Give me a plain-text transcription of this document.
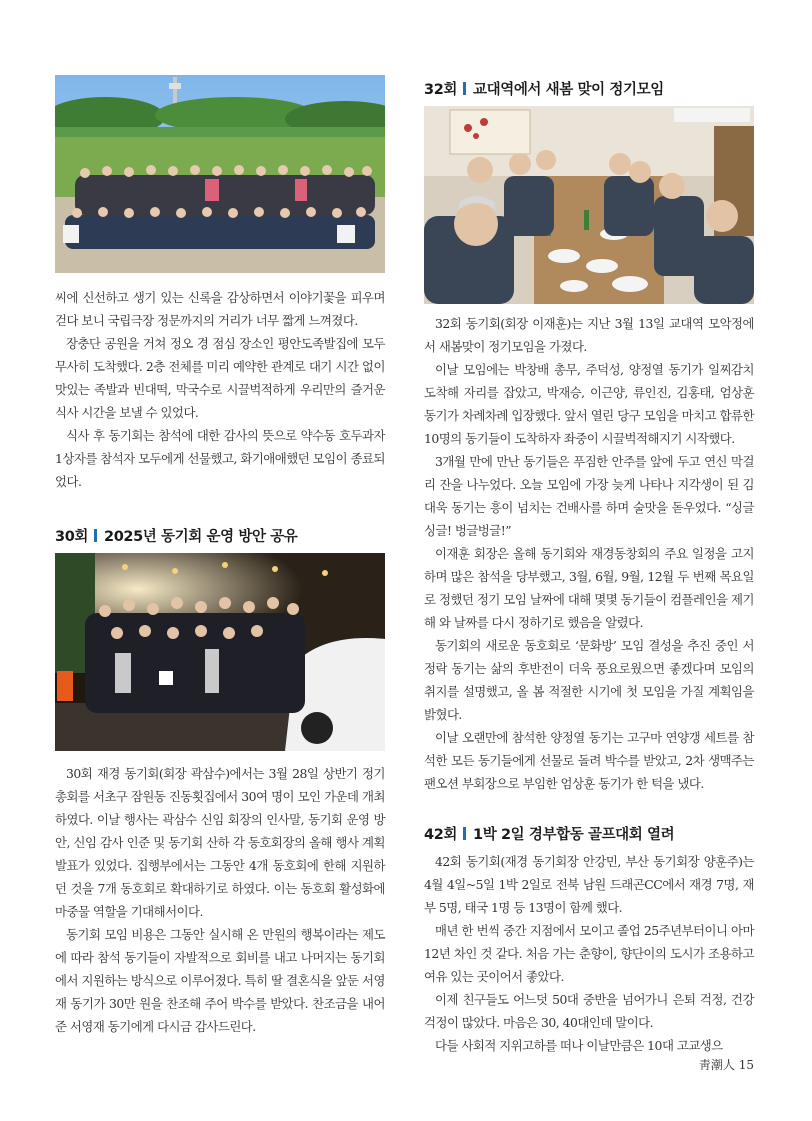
씨에 신선하고 생기 있는 신록을 감상하면서 이야기꽃을 피우며 걷다 보니 국립극장 정문까지의 거리가 너무 짧게 느껴졌다.

장충단 공원을 거쳐 정오 경 점심 장소인 평안도족발집에 모두 무사히 도착했다. 2층 전체를 미리 예약한 관계로 대기 시간 없이 맛있는 족발과 빈대떡, 막국수로 시끌벅적하게 우리만의 즐거운 식사 시간을 보낼 수 있었다.

식사 후 동기회는 참석에 대한 감사의 뜻으로 약수동 호두과자 1상자를 참석자 모두에게 선물했고, 화기애애했던 모임이 종료되었다.

30회 2025년 동기회 운영 방안 공유

30회 재경 동기회(회장 곽삼수)에서는 3월 28일 상반기 정기총회를 서초구 잠원동 진동횟집에서 30여 명이 모인 가운데 개최하였다. 이날 행사는 곽삼수 신임 회장의 인사말, 동기회 운영 방안, 신임 감사 인준 및 동기회 산하 각 동호회장의 올해 행사 계획 발표가 있었다. 집행부에서는 그동안 4개 동호회에 한해 지원하던 것을 7개 동호회로 확대하기로 하였다. 이는 동호회 활성화에 마중물 역할을 기대해서이다.

동기회 모임 비용은 그동안 실시해 온 만원의 행복이라는 제도에 따라 참석 동기들이 자발적으로 회비를 내고 나머지는 동기회에서 지원하는 방식으로 이루어졌다. 특히 딸 결혼식을 앞둔 서영재 동기가 30만 원을 찬조해 주어 박수를 받았다. 찬조금을 내어준 서영재 동기에게 다시금 감사드린다.

32회 교대역에서 새봄 맞이 정기모임

32회 동기회(회장 이재훈)는 지난 3월 13일 교대역 모악정에서 새봄맞이 정기모임을 가졌다.

이날 모임에는 박창배 총무, 주덕성, 양정열 동기가 일찌감치 도착해 자리를 잡았고, 박재승, 이근양, 류인진, 김홍태, 엄상훈 동기가 차례차례 입장했다. 앞서 열린 당구 모임을 마치고 합류한 10명의 동기들이 도착하자 좌중이 시끌벅적해지기 시작했다.

3개월 만에 만난 동기들은 푸짐한 안주를 앞에 두고 연신 막걸리 잔을 나누었다. 오늘 모임에 가장 늦게 나타나 지각생이 된 김대욱 동기는 흥이 넘치는 건배사를 하며 술맛을 돋우었다. “싱글싱글! 벙글벙글!”

이재훈 회장은 올해 동기회와 재경동창회의 주요 일정을 고지하며 많은 참석을 당부했고, 3월, 6월, 9월, 12월 두 번째 목요일로 정했던 정기 모임 날짜에 대해 몇몇 동기들이 컴플레인을 제기해 와 날짜를 다시 정하기로 했음을 알렸다.

동기회의 새로운 동호회로 ‘문화방’ 모임 결성을 추진 중인 서정락 동기는 삶의 후반전이 더욱 풍요로웠으면 좋겠다며 모임의 취지를 설명했고, 올 봄 적절한 시기에 첫 모임을 가질 계획임을 밝혔다.

이날 오랜만에 참석한 양정열 동기는 고구마 연양갱 세트를 참석한 모든 동기들에게 선물로 돌려 박수를 받았고, 2차 생맥주는 팬오션 부회장으로 부임한 엄상훈 동기가 한 턱을 냈다.

42회 1박 2일 경부합동 골프대회 열려

42회 동기회(재경 동기회장 안강민, 부산 동기회장 양훈주)는 4월 4일~5일 1박 2일로 전북 남원 드래곤CC에서 재경 7명, 재부 5명, 태국 1명 등 13명이 함께 했다.

매년 한 번씩 중간 지점에서 모이고 졸업 25주년부터이니 아마 12년 차인 것 같다. 처음 가는 춘향이, 향단이의 도시가 조용하고 여유 있는 곳이어서 좋았다.

이제 친구들도 어느덧 50대 중반을 넘어가니 은퇴 걱정, 건강 걱정이 많았다. 마음은 30, 40대인데 말이다.

다들 사회적 지위고하를 떠나 이날만큼은 10대 고교생으

靑潮人 15
